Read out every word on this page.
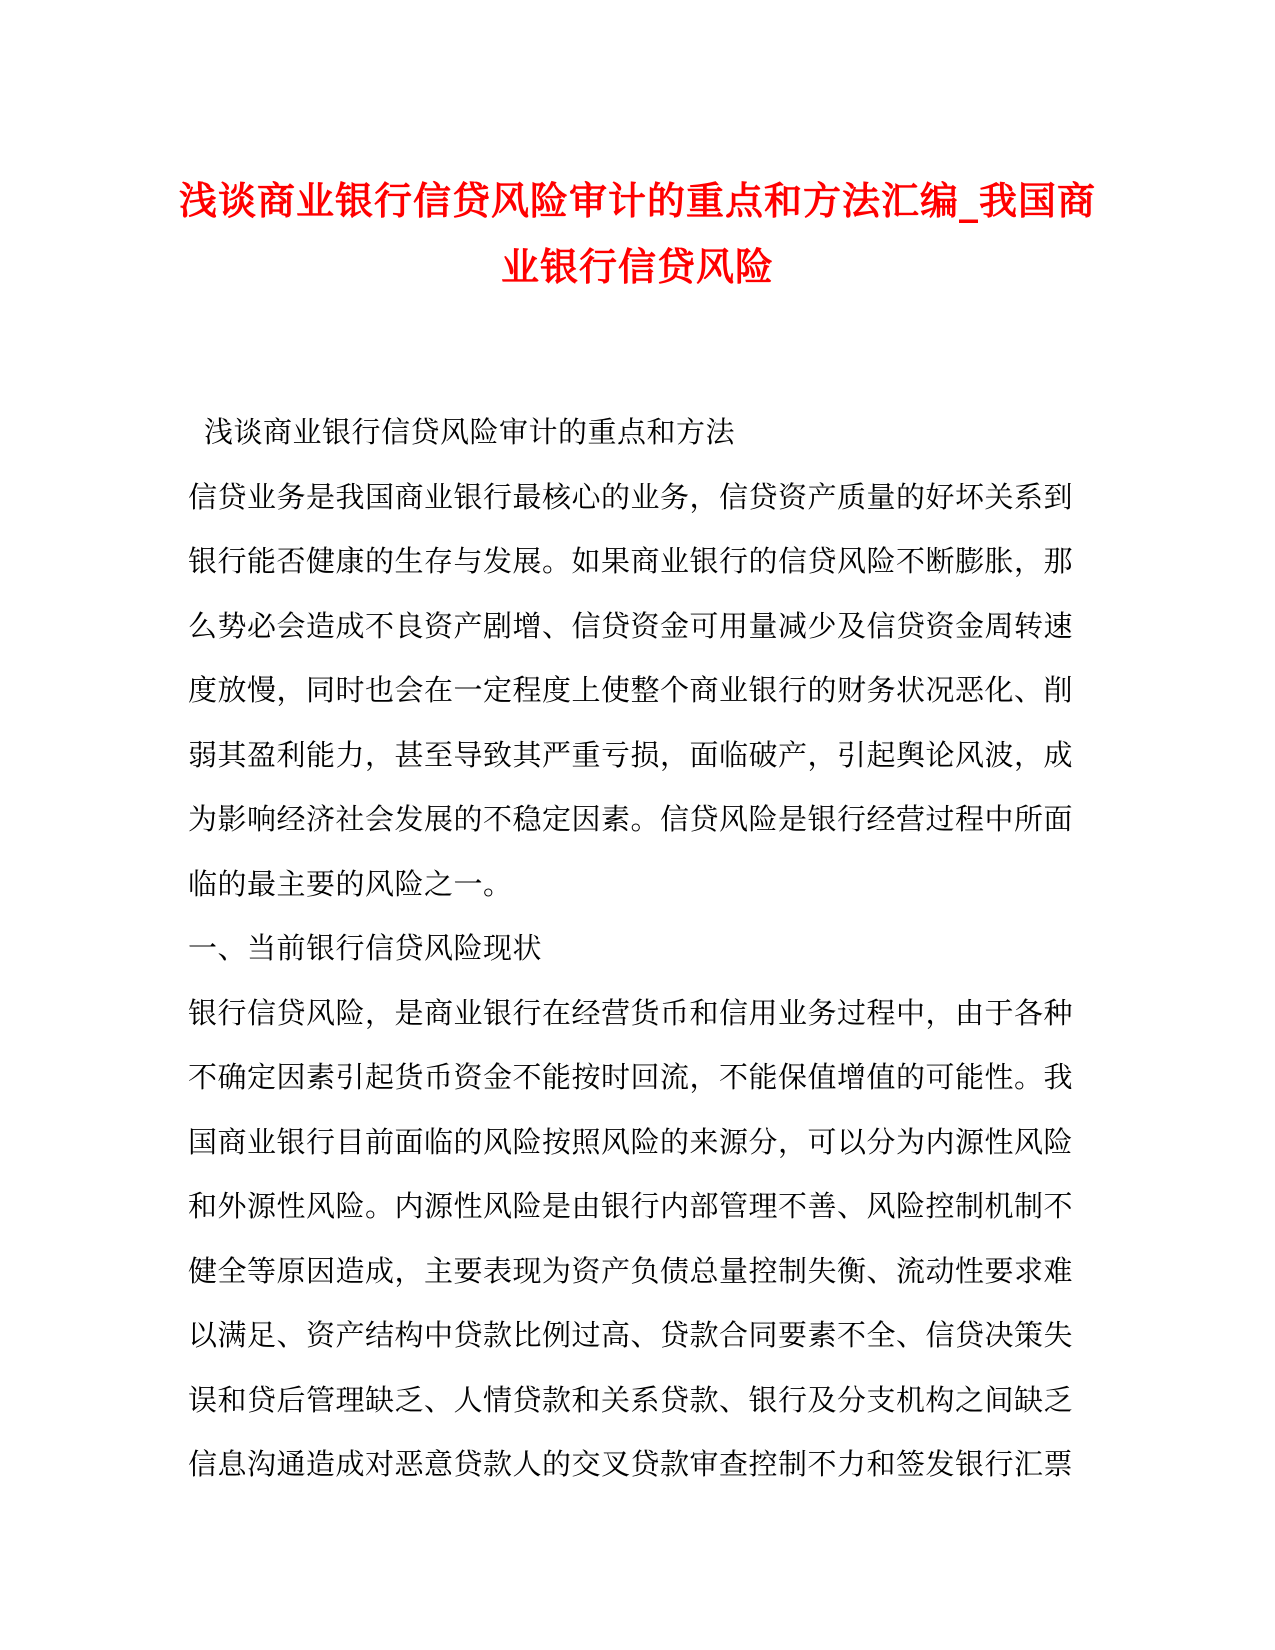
浅谈商业银行信贷风险审计的重点和方法汇编_我国商业银行信贷风险
浅谈商业银行信贷风险审计的重点和方法
信贷业务是我国商业银行最核心的业务，信贷资产质量的好坏关系到
银行能否健康的生存与发展。如果商业银行的信贷风险不断膨胀，那
么势必会造成不良资产剧增、信贷资金可用量减少及信贷资金周转速
度放慢，同时也会在一定程度上使整个商业银行的财务状况恶化、削
弱其盈利能力，甚至导致其严重亏损，面临破产，引起舆论风波，成
为影响经济社会发展的不稳定因素。信贷风险是银行经营过程中所面
临的最主要的风险之一。
一、当前银行信贷风险现状
银行信贷风险，是商业银行在经营货币和信用业务过程中，由于各种
不确定因素引起货币资金不能按时回流，不能保值增值的可能性。我
国商业银行目前面临的风险按照风险的来源分，可以分为内源性风险
和外源性风险。内源性风险是由银行内部管理不善、风险控制机制不
健全等原因造成，主要表现为资产负债总量控制失衡、流动性要求难
以满足、资产结构中贷款比例过高、贷款合同要素不全、信贷决策失
误和贷后管理缺乏、人情贷款和关系贷款、银行及分支机构之间缺乏
信息沟通造成对恶意贷款人的交叉贷款审查控制不力和签发银行汇票
